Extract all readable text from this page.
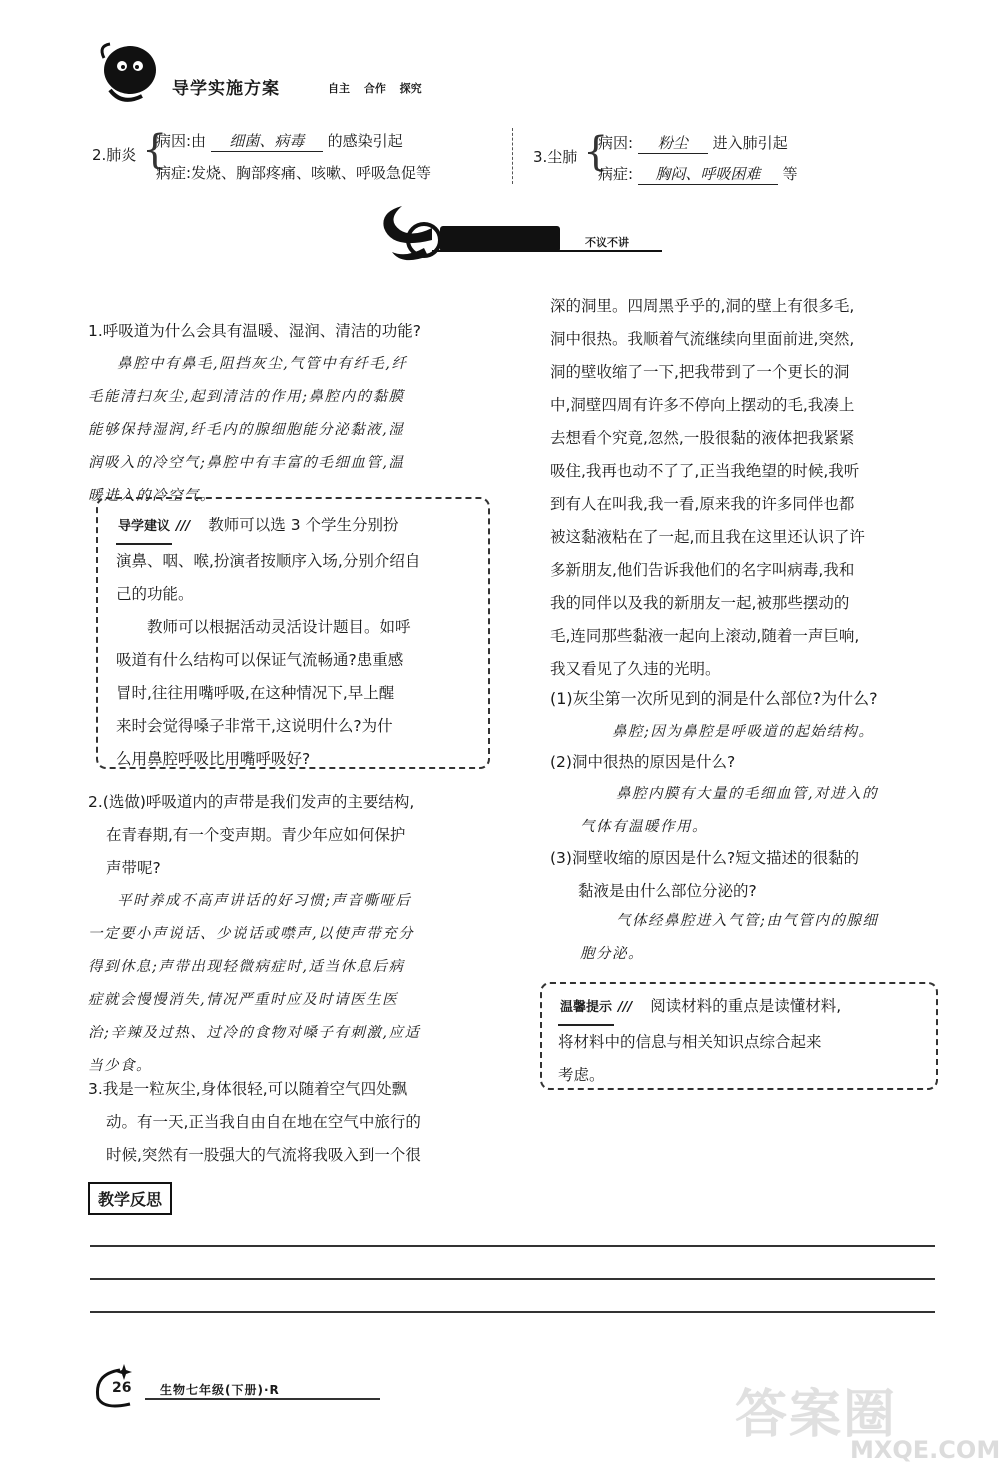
导学实施方案	自主 合作 探究
2.肺炎 {
病因:由 细菌、病毒 的感染引起
病症:发烧、胸部疼痛、咳嗽、呼吸急促等
3.尘肺 {
病因: 粉尘 进入肺引起
病症: 胸闷、呼吸困难 等
不议不讲
1.呼吸道为什么会具有温暖、湿润、清洁的功能?
鼻腔中有鼻毛,阻挡灰尘,气管中有纤毛,纤
毛能清扫灰尘,起到清洁的作用;鼻腔内的黏膜
能够保持湿润,纤毛内的腺细胞能分泌黏液,湿
润吸入的冷空气;鼻腔中有丰富的毛细血管,温
暖进入的冷空气。
导学建议 /// 教师可以选 3 个学生分别扮
演鼻、咽、喉,扮演者按顺序入场,分别介绍自
己的功能。
教师可以根据活动灵活设计题目。如呼
吸道有什么结构可以保证气流畅通?患重感
冒时,往往用嘴呼吸,在这种情况下,早上醒
来时会觉得嗓子非常干,这说明什么?为什
么用鼻腔呼吸比用嘴呼吸好?
2.(选做)呼吸道内的声带是我们发声的主要结构,
在青春期,有一个变声期。青少年应如何保护
声带呢?
平时养成不高声讲话的好习惯;声音嘶哑后
一定要小声说话、少说话或噤声,以使声带充分
得到休息;声带出现轻微病症时,适当休息后病
症就会慢慢消失,情况严重时应及时请医生医
治;辛辣及过热、过冷的食物对嗓子有刺激,应适
当少食。
3.我是一粒灰尘,身体很轻,可以随着空气四处飘
动。有一天,正当我自由自在地在空气中旅行的
时候,突然有一股强大的气流将我吸入到一个很
深的洞里。四周黑乎乎的,洞的壁上有很多毛,
洞中很热。我顺着气流继续向里面前进,突然,
洞的壁收缩了一下,把我带到了一个更长的洞
中,洞壁四周有许多不停向上摆动的毛,我凑上
去想看个究竟,忽然,一股很黏的液体把我紧紧
吸住,我再也动不了了,正当我绝望的时候,我听
到有人在叫我,我一看,原来我的许多同伴也都
被这黏液粘在了一起,而且我在这里还认识了许
多新朋友,他们告诉我他们的名字叫病毒,我和
我的同伴以及我的新朋友一起,被那些摆动的
毛,连同那些黏液一起向上滚动,随着一声巨响,
我又看见了久违的光明。
(1)灰尘第一次所见到的洞是什么部位?为什么?
鼻腔;因为鼻腔是呼吸道的起始结构。
(2)洞中很热的原因是什么?
鼻腔内膜有大量的毛细血管,对进入的
气体有温暖作用。
(3)洞壁收缩的原因是什么?短文描述的很黏的
黏液是由什么部位分泌的?
气体经鼻腔进入气管;由气管内的腺细
胞分泌。
温馨提示 /// 阅读材料的重点是读懂材料,
将材料中的信息与相关知识点综合起来
考虑。
教学反思
26 生物七年级(下册)·R	答案圈
MXQE.COM
